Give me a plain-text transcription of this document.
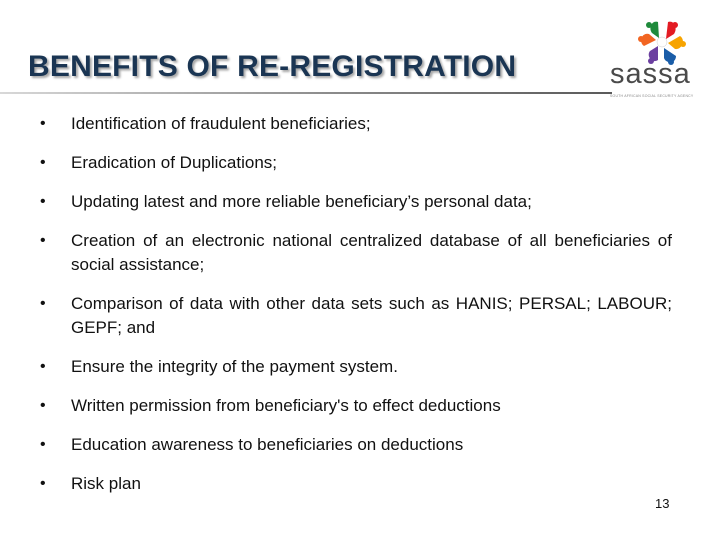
BENEFITS OF RE-REGISTRATION	sassa
SOUTH AFRICAN SOCIAL SECURITY AGENCY
•	Identification of fraudulent beneficiaries;
•	Eradication of Duplications;
•	Updating latest and more reliable beneficiary’s personal data;
•	Creation of an electronic national centralized database of all beneficiaries of social assistance;
•	Comparison of data with other data sets such as HANIS; PERSAL; LABOUR; GEPF; and
•	Ensure the integrity of the payment system.
•	Written permission from beneficiary's to effect deductions
•	Education awareness to beneficiaries on deductions
•	Risk plan
13
